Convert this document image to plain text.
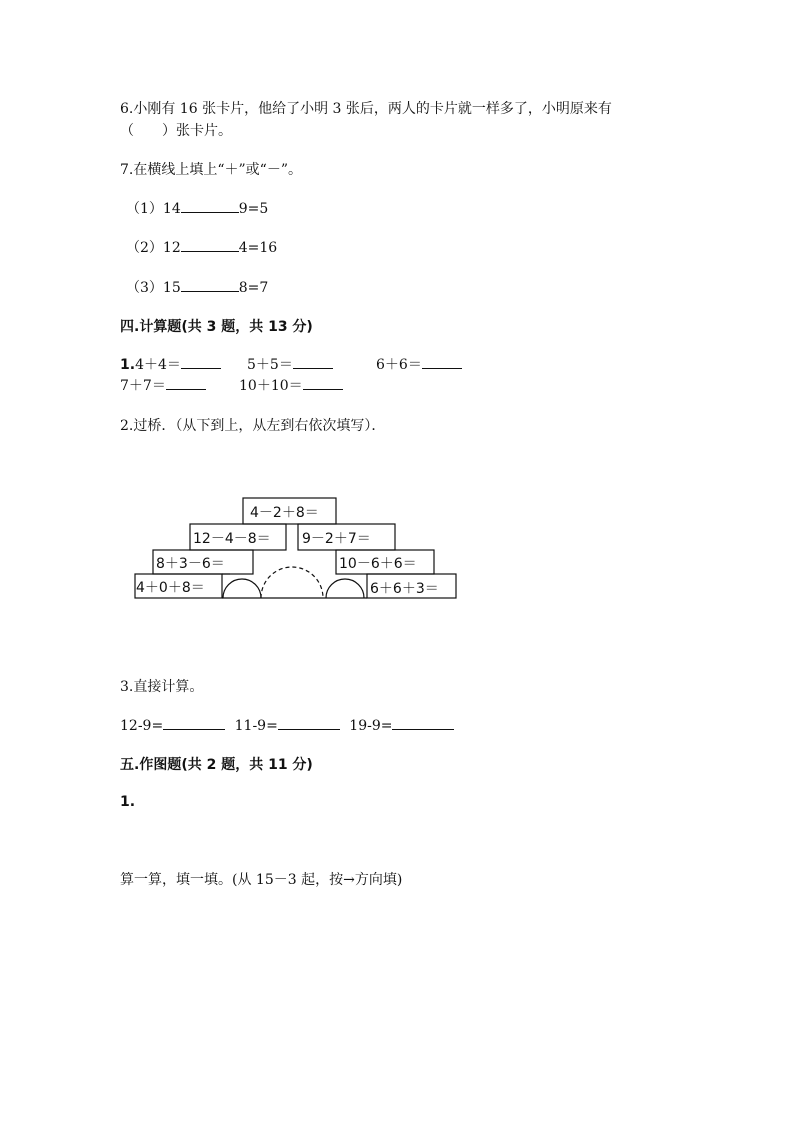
6.小刚有 16 张卡片，他给了小明 3 张后，两人的卡片就一样多了，小明原来有
（　　）张卡片。
7.在横线上填上“＋”或“－”。
（1）14	9=5
（2）12	4=16
（3）15	8=7
四.计算题(共 3 题，共 13 分)
1.4＋4＝	5＋5＝	6＋6＝
7＋7＝	10＋10＝
2.过桥．（从下到上，从左到右依次填写）．
4－2＋8＝
12－4－8＝ 9－2＋7＝
8＋3－6＝	10－6＋6＝
4＋0＋8＝	6＋6＋3＝
3.直接计算。
12-9=	11-9=	19-9=
五.作图题(共 2 题，共 11 分)
1.
算一算，填一填。(从 15－3 起，按→方向填)
